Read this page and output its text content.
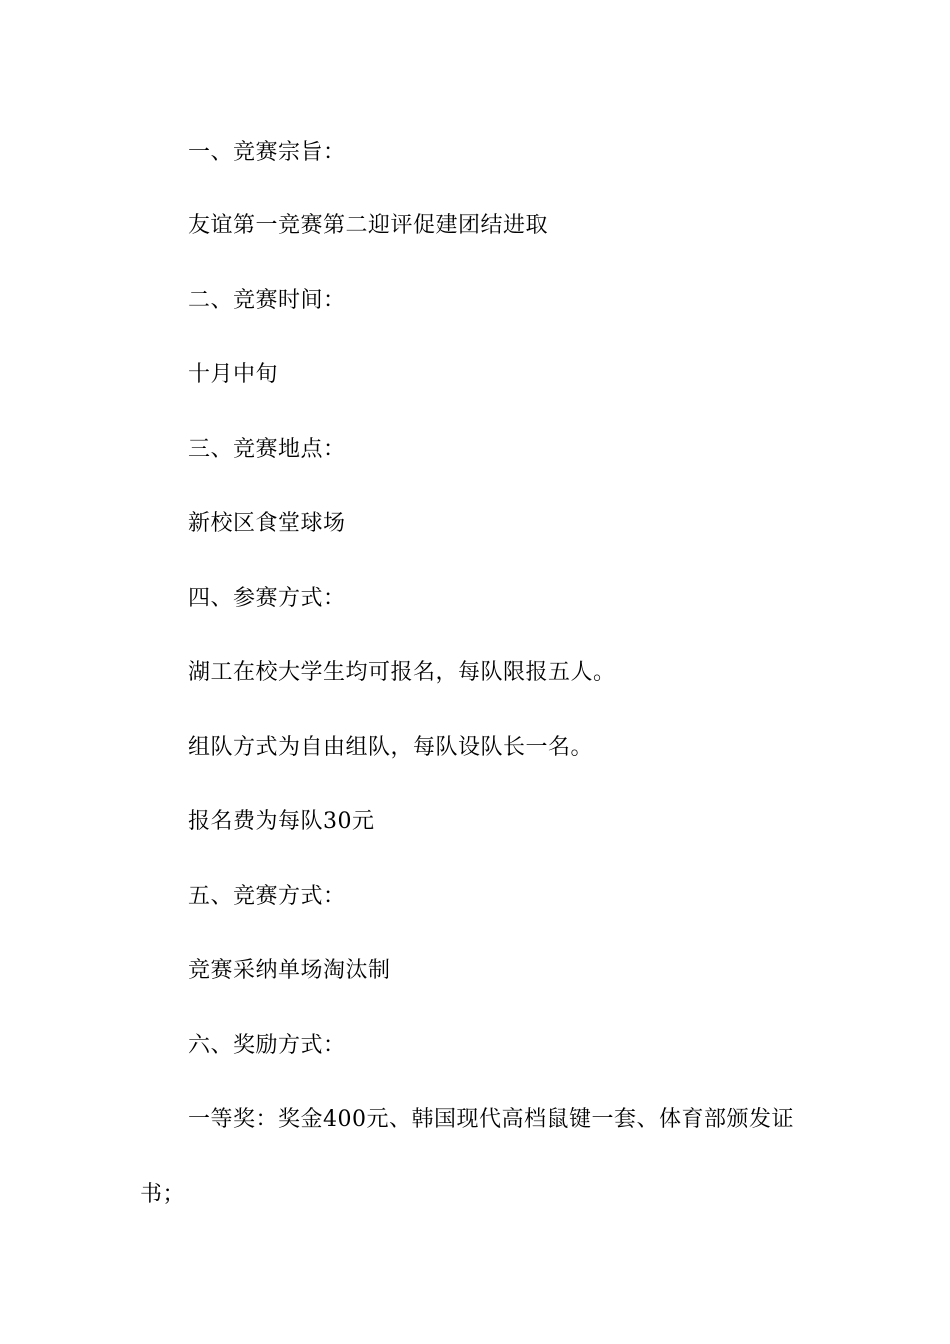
一、竞赛宗旨：
友谊第一竞赛第二迎评促建团结进取
二、竞赛时间：
十月中旬
三、竞赛地点：
新校区食堂球场
四、参赛方式：
湖工在校大学生均可报名，每队限报五人。
组队方式为自由组队，每队设队长一名。
报名费为每队30元
五、竞赛方式：
竞赛采纳单场淘汰制
六、奖励方式：
一等奖：奖金400元、韩国现代高档鼠键一套、体育部颁发证
书；
